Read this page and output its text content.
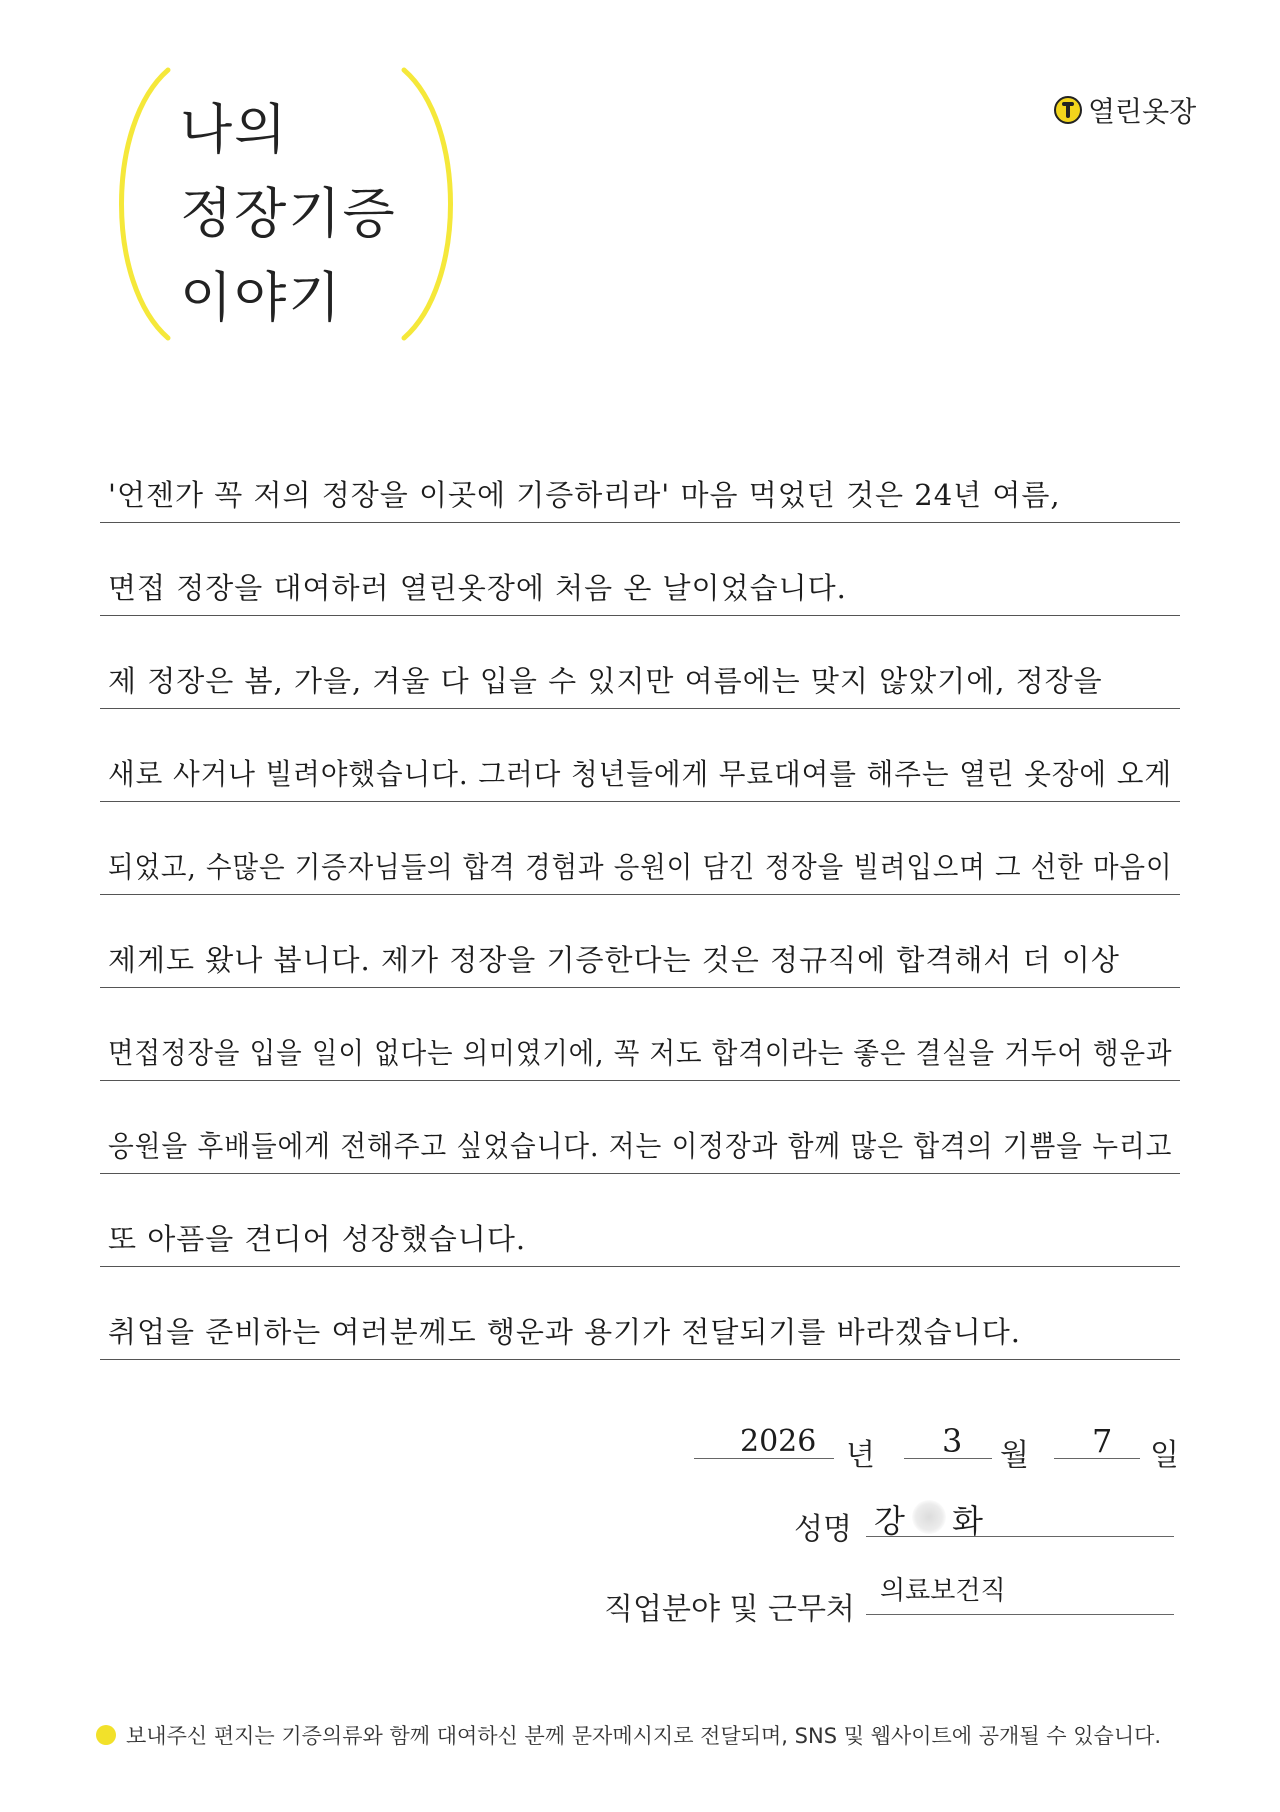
나의
정장기증
이야기
열린옷장
'언젠가 꼭 저의 정장을 이곳에 기증하리라' 마음 먹었던 것은 24년 여름,
면접 정장을 대여하러 열린옷장에 처음 온 날이었습니다.
제 정장은 봄, 가을, 겨울 다 입을 수 있지만 여름에는 맞지 않았기에, 정장을
새로 사거나 빌려야했습니다. 그러다 청년들에게 무료대여를 해주는 열린 옷장에 오게
되었고, 수많은 기증자님들의 합격 경험과 응원이 담긴 정장을 빌려입으며 그 선한 마음이
제게도 왔나 봅니다. 제가 정장을 기증한다는 것은 정규직에 합격해서 더 이상
면접정장을 입을 일이 없다는 의미였기에, 꼭 저도 합격이라는 좋은 결실을 거두어 행운과
응원을 후배들에게 전해주고 싶었습니다. 저는 이정장과 함께 많은 합격의 기쁨을 누리고
또 아픔을 견디어 성장했습니다.
취업을 준비하는 여러분께도 행운과 용기가 전달되기를 바라겠습니다.
2026 년 3 월 7 일
성명 강 화
직업분야 및 근무처
의료보건직
보내주신 편지는 기증의류와 함께 대여하신 분께 문자메시지로 전달되며, SNS 및 웹사이트에 공개될 수 있습니다.
